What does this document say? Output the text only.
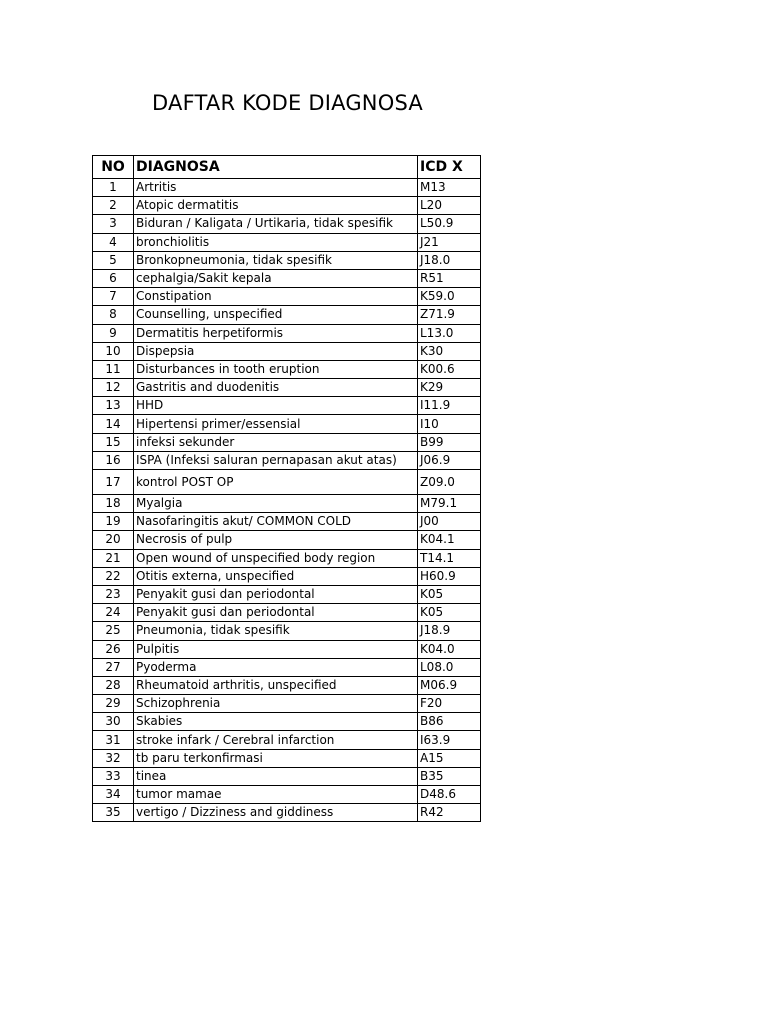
DAFTAR KODE DIAGNOSA
NO	DIAGNOSA	ICD X
1	Artritis	M13
2	Atopic dermatitis	L20
3	Biduran / Kaligata / Urtikaria, tidak spesifik	L50.9
4	bronchiolitis	J21
5	Bronkopneumonia, tidak spesifik	J18.0
6	cephalgia/Sakit kepala	R51
7	Constipation	K59.0
8	Counselling, unspecified	Z71.9
9	Dermatitis herpetiformis	L13.0
10	Dispepsia	K30
11	Disturbances in tooth eruption	K00.6
12	Gastritis and duodenitis	K29
13	HHD	I11.9
14	Hipertensi primer/essensial	I10
15	infeksi sekunder	B99
16	ISPA (Infeksi saluran pernapasan akut atas)	J06.9
17	kontrol POST OP	Z09.0
18	Myalgia	M79.1
19	Nasofaringitis akut/ COMMON COLD	J00
20	Necrosis of pulp	K04.1
21	Open wound of unspecified body region	T14.1
22	Otitis externa, unspecified	H60.9
23	Penyakit gusi dan periodontal	K05
24	Penyakit gusi dan periodontal	K05
25	Pneumonia, tidak spesifik	J18.9
26	Pulpitis	K04.0
27	Pyoderma	L08.0
28	Rheumatoid arthritis, unspecified	M06.9
29	Schizophrenia	F20
30	Skabies	B86
31	stroke infark / Cerebral infarction	I63.9
32	tb paru terkonfirmasi	A15
33	tinea	B35
34	tumor mamae	D48.6
35	vertigo / Dizziness and giddiness	R42
